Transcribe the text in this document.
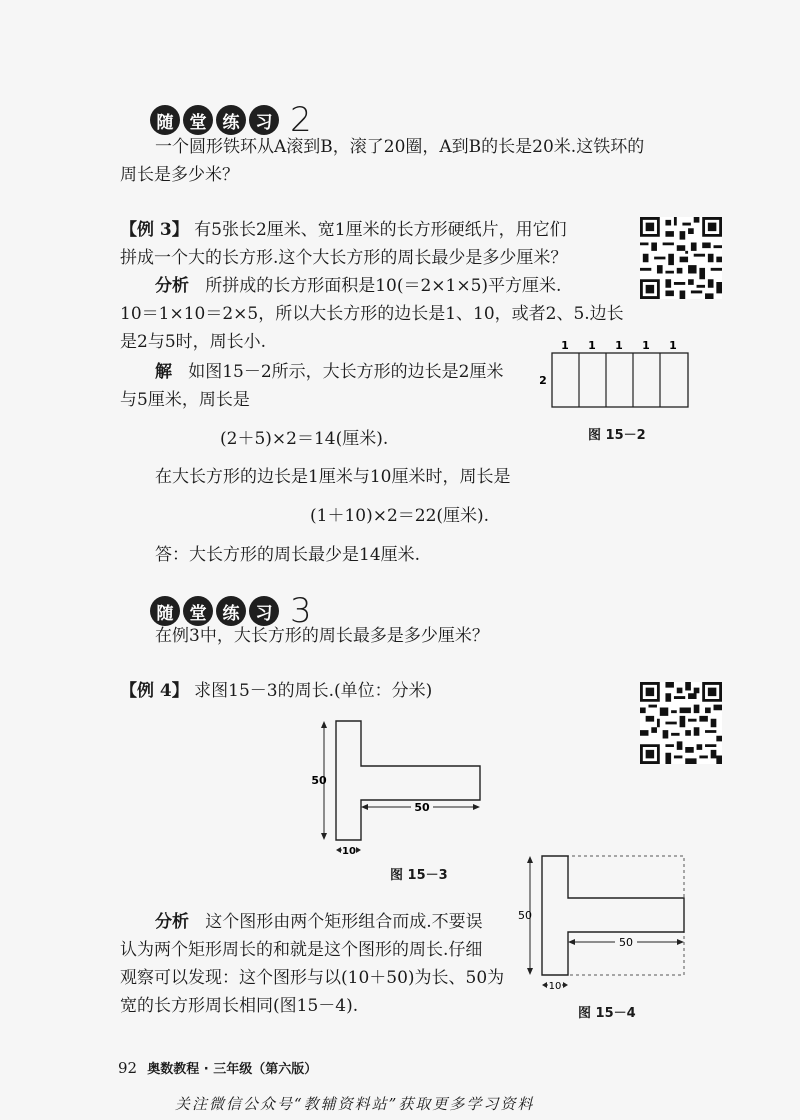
随 堂 练 习 2
一个圆形铁环从A滚到B，滚了20圈，A到B的长是20米.这铁环的
周长是多少米？
【例 3】 有5张长2厘米、宽1厘米的长方形硬纸片，用它们
拼成一个大的长方形.这个大长方形的周长最少是多少厘米？
分析 所拼成的长方形面积是10(＝2×1×5)平方厘米.
10＝1×10＝2×5，所以大长方形的边长是1、10，或者2、5.边长
是2与5时，周长小.
解 如图15－2所示，大长方形的边长是2厘米
与5厘米，周长是
(2＋5)×2＝14(厘米).
在大长方形的边长是1厘米与10厘米时，周长是
(1＋10)×2＝22(厘米).
答：大长方形的周长最少是14厘米.
1 1 1 1 1
2
图 15－2
随 堂 练 习 3
在例3中，大长方形的周长最多是多少厘米？
【例 4】 求图15－3的周长.(单位：分米)
50
50
10
图 15－3
分析 这个图形由两个矩形组合而成.不要误
认为两个矩形周长的和就是这个图形的周长.仔细
观察可以发现：这个图形与以(10＋50)为长、50为
宽的长方形周长相同(图15－4).
50
50
10
图 15－4
92 奥数教程 · 三年级（第六版）
关注微信公众号“教辅资料站”获取更多学习资料
